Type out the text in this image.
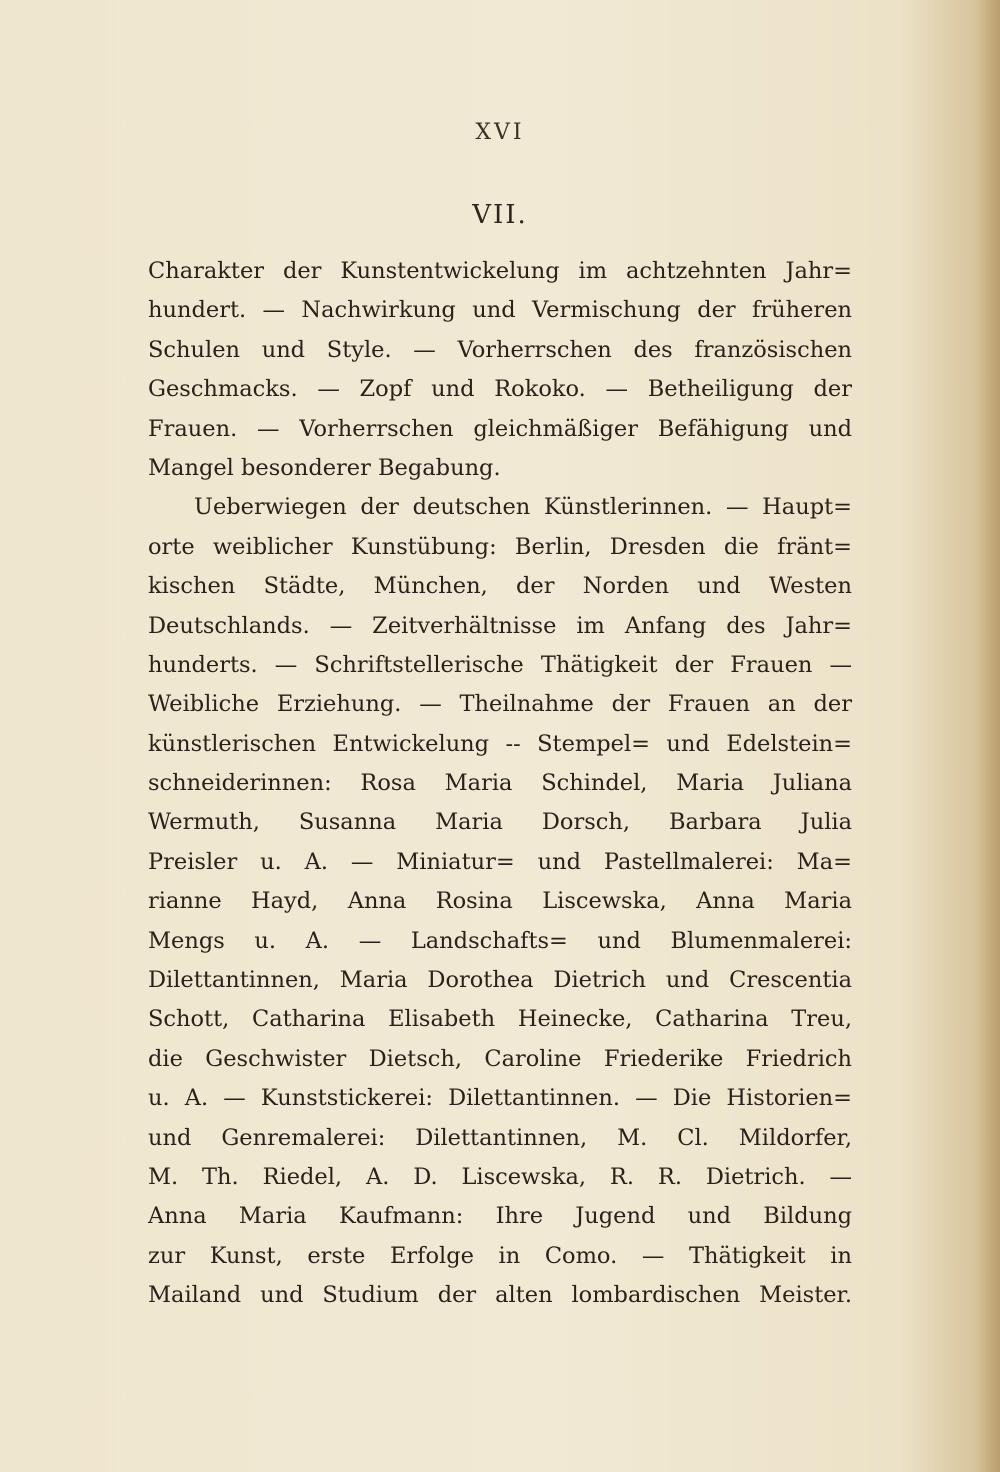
XVI
VII.
Charakter der Kunstentwickelung im achtzehnten Jahr=
hundert. — Nachwirkung und Vermischung der früheren
Schulen und Style. — Vorherrschen des französischen
Geschmacks. — Zopf und Rokoko. — Betheiligung der
Frauen. — Vorherrschen gleichmäßiger Befähigung und
Mangel besonderer Begabung.
Ueberwiegen der deutschen Künstlerinnen. — Haupt=
orte weiblicher Kunstübung: Berlin, Dresden die fränt=
kischen Städte, München, der Norden und Westen
Deutschlands. — Zeitverhältnisse im Anfang des Jahr=
hunderts. — Schriftstellerische Thätigkeit der Frauen —
Weibliche Erziehung. — Theilnahme der Frauen an der
künstlerischen Entwickelung -- Stempel= und Edelstein=
schneiderinnen: Rosa Maria Schindel, Maria Juliana
Wermuth, Susanna Maria Dorsch, Barbara Julia
Preisler u. A. — Miniatur= und Pastellmalerei: Ma=
rianne Hayd, Anna Rosina Liscewska, Anna Maria
Mengs u. A. — Landschafts= und Blumenmalerei:
Dilettantinnen, Maria Dorothea Dietrich und Crescentia
Schott, Catharina Elisabeth Heinecke, Catharina Treu,
die Geschwister Dietsch, Caroline Friederike Friedrich
u. A. — Kunststickerei: Dilettantinnen. — Die Historien=
und Genremalerei: Dilettantinnen, M. Cl. Mildorfer,
M. Th. Riedel, A. D. Liscewska, R. R. Dietrich. —
Anna Maria Kaufmann: Ihre Jugend und Bildung
zur Kunst, erste Erfolge in Como. — Thätigkeit in
Mailand und Studium der alten lombardischen Meister.
